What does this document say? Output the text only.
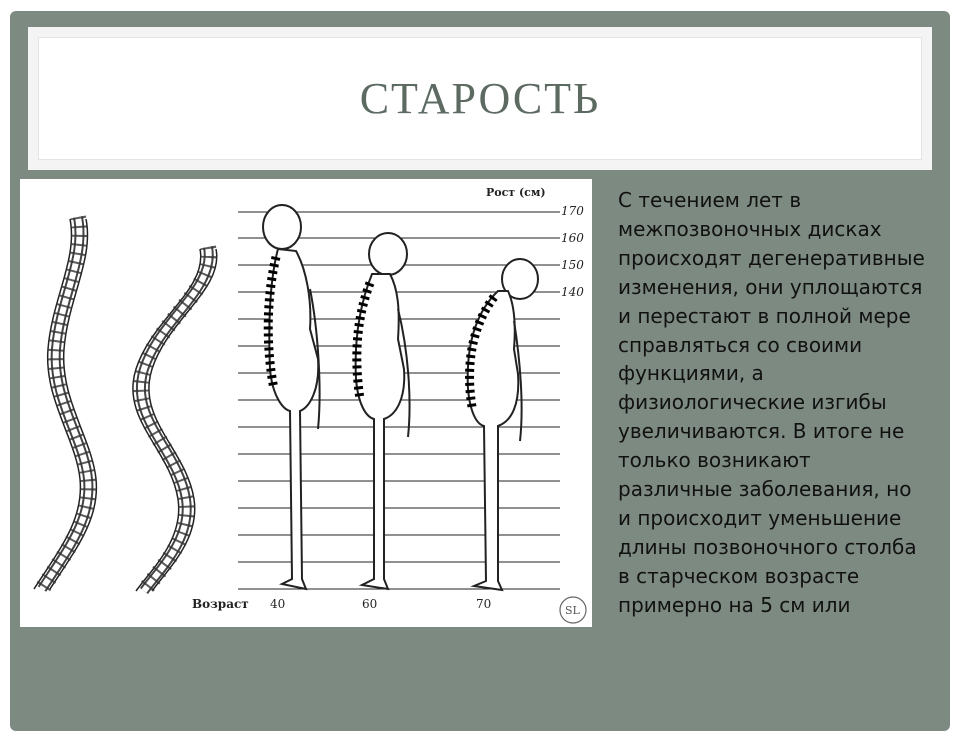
СТАРОСТЬ
Рост (см)
170
160
150
140
Возраст 40	60	70	SL
С течением лет в межпозвоночных дисках происходят дегенеративные изменения, они уплощаются и перестают в полной мере справляться со своими функциями, а физиологические изгибы увеличиваются. В итоге не только возникают различные заболевания, но и происходит уменьшение длины позвоночного столба в старческом возрасте примерно на 5 см или
